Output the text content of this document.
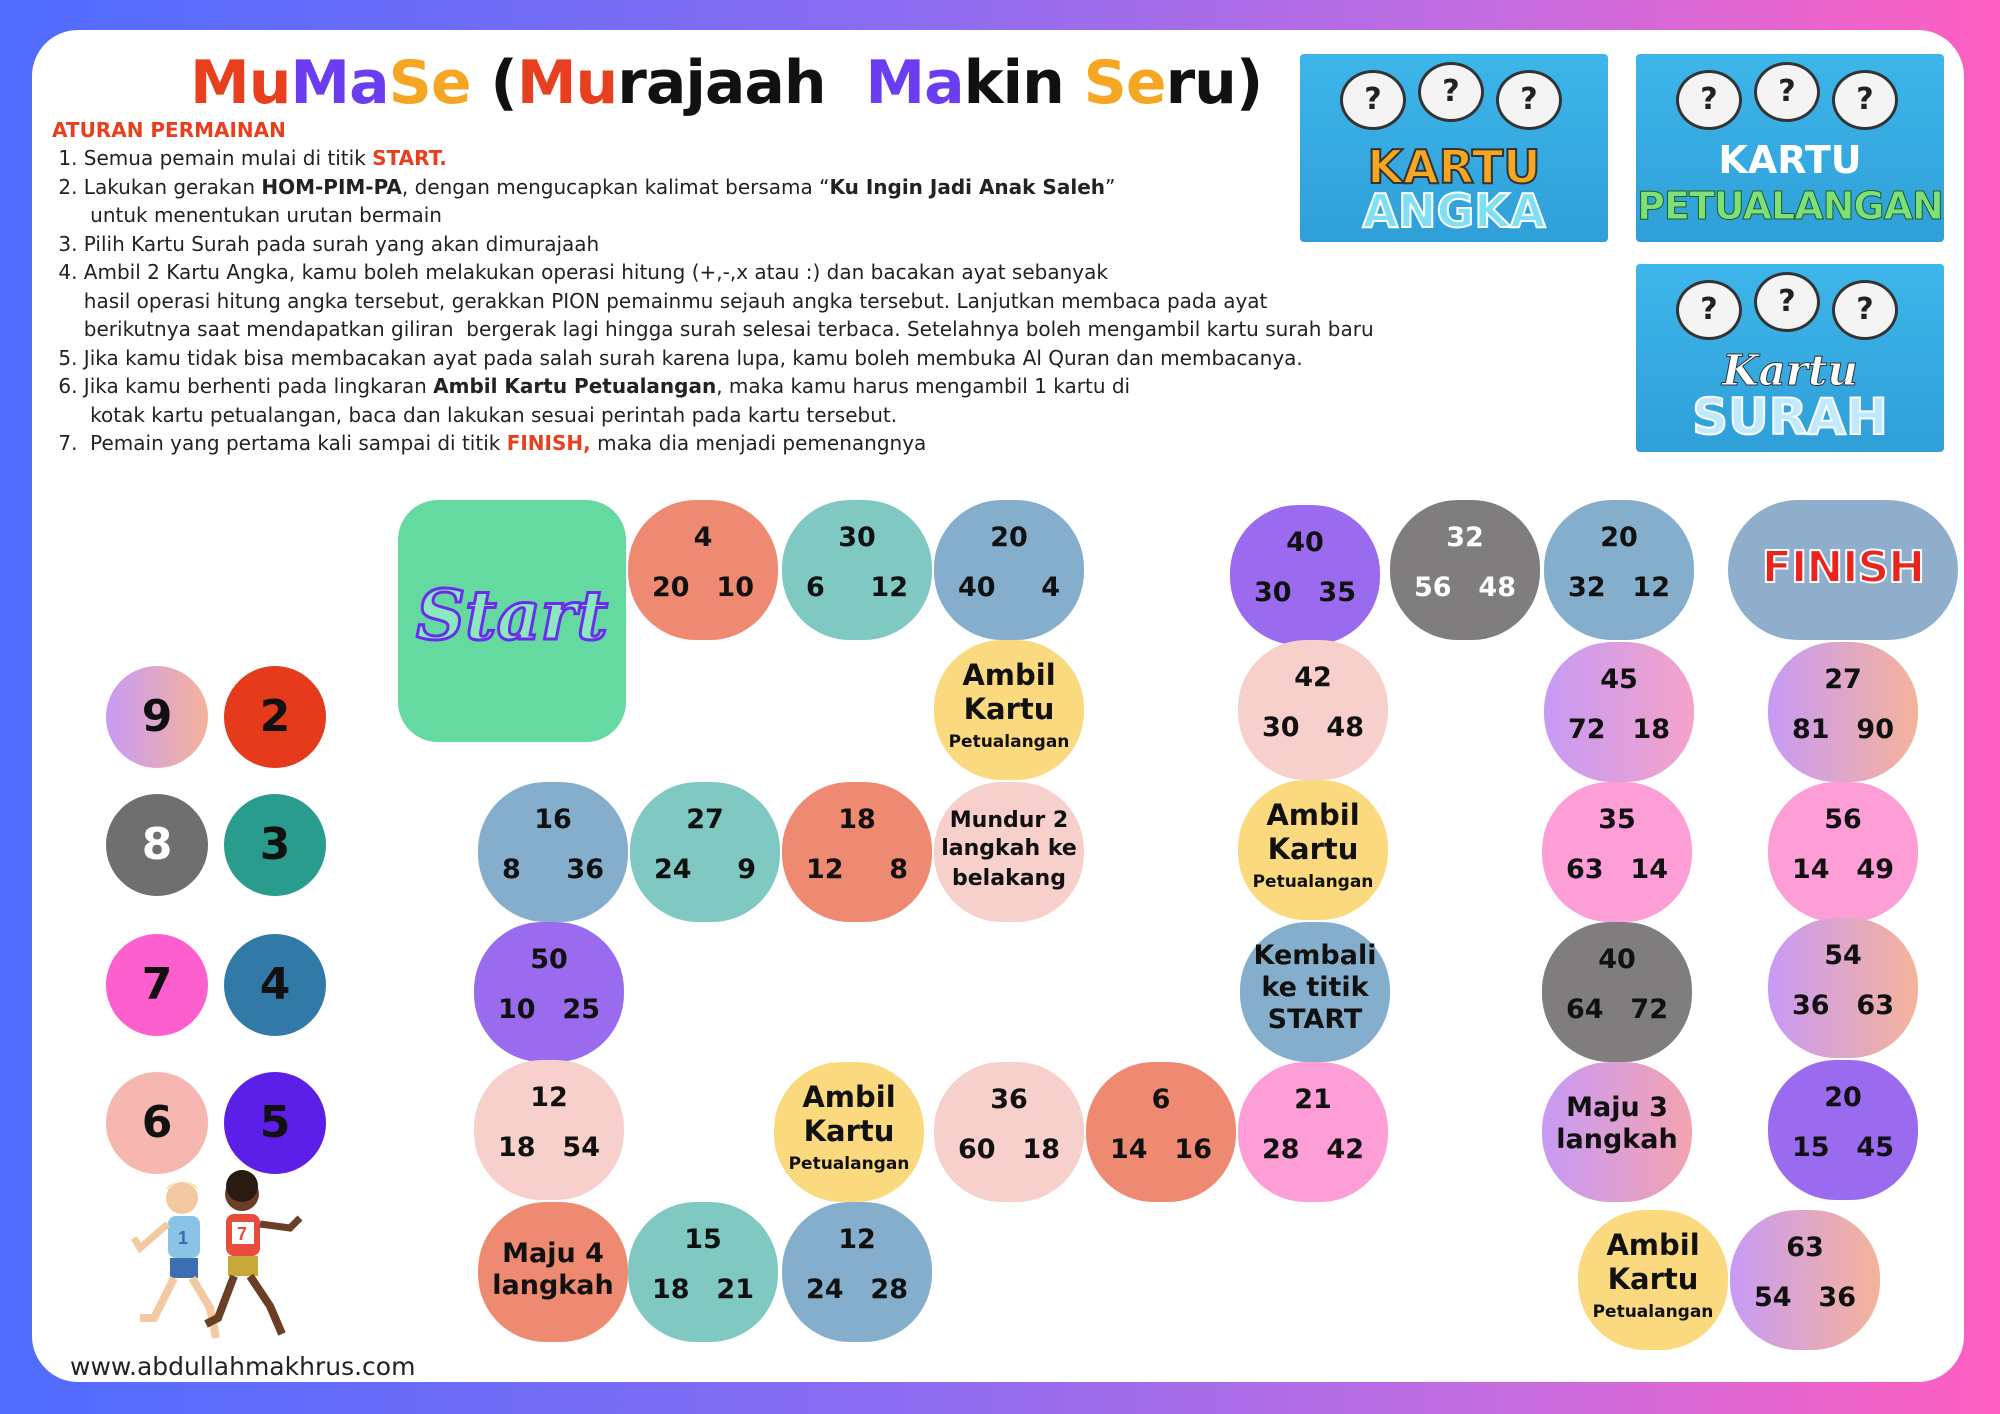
MuMaSe (Murajaah  Makin Seru)
ATURAN PERMAINAN
1. Semua pemain mulai di titik START.
2. Lakukan gerakan HOM-PIM-PA, dengan mengucapkan kalimat bersama “Ku Ingin Jadi Anak Saleh”
untuk menentukan urutan bermain
3. Pilih Kartu Surah pada surah yang akan dimurajaah
4. Ambil 2 Kartu Angka, kamu boleh melakukan operasi hitung (+,-,x atau :) dan bacakan ayat sebanyak
hasil operasi hitung angka tersebut, gerakkan PION pemainmu sejauh angka tersebut. Lanjutkan membaca pada ayat
berikutnya saat mendapatkan giliran  bergerak lagi hingga surah selesai terbaca. Setelahnya boleh mengambil kartu surah baru
5. Jika kamu tidak bisa membacakan ayat pada salah surah karena lupa, kamu boleh membuka Al Quran dan membacanya.
6. Jika kamu berhenti pada lingkaran Ambil Kartu Petualangan, maka kamu harus mengambil 1 kartu di
kotak kartu petualangan, baca dan lakukan sesuai perintah pada kartu tersebut.
7.  Pemain yang pertama kali sampai di titik FINISH, maka dia menjadi pemenangnya
?	?	?
KARTU
ANGKA
?	?	?
KARTU
PETUALANGAN
?	?	?
Kartu
SURAH
Start
FINISH
4
20 10
30
6 12
20
40 4
40
30 35
32
56 48
20
32 12
Ambil
Kartu
Petualangan
42
30 48
45
72 18
27
81 90
16
8 36
27
24 9
18
12 8
Mundur 2
langkah ke
belakang
Ambil
Kartu
Petualangan
35
63 14
56
14 49
50
10 25
Kembali
ke titik
START
40
64 72
54
36 63
12
18 54
Ambil
Kartu
Petualangan
36
60 18
6
14 16
21
28 42
Maju 3
langkah
20
15 45
Maju 4
langkah
15
18 21
12
24 28
Ambil
Kartu
Petualangan
63
54 36
9	2
8	3
7	4
6	5
1	7
www.abdullahmakhrus.com
